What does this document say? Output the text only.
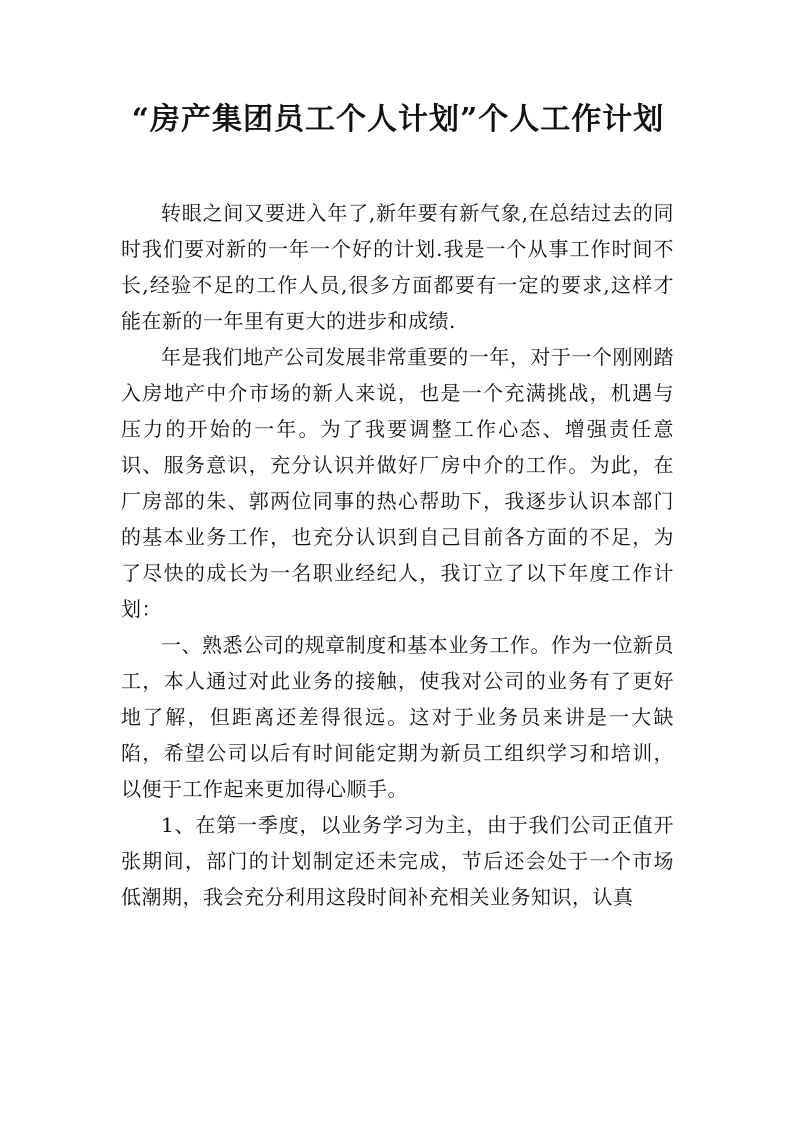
“房产集团员工个人计划”个人工作计划

转眼之间又要进入年了,新年要有新气象,在总结过去的同时我们要对新的一年一个好的计划.我是一个从事工作时间不长,经验不足的工作人员,很多方面都要有一定的要求,这样才能在新的一年里有更大的进步和成绩.

年是我们地产公司发展非常重要的一年，对于一个刚刚踏入房地产中介市场的新人来说，也是一个充满挑战，机遇与压力的开始的一年。为了我要调整工作心态、增强责任意识、服务意识，充分认识并做好厂房中介的工作。为此，在厂房部的朱、郭两位同事的热心帮助下，我逐步认识本部门的基本业务工作，也充分认识到自己目前各方面的不足，为了尽快的成长为一名职业经纪人，我订立了以下年度工作计划：

一、熟悉公司的规章制度和基本业务工作。作为一位新员工，本人通过对此业务的接触，使我对公司的业务有了更好地了解，但距离还差得很远。这对于业务员来讲是一大缺陷，希望公司以后有时间能定期为新员工组织学习和培训，以便于工作起来更加得心顺手。

1、在第一季度，以业务学习为主，由于我们公司正值开张期间，部门的计划制定还未完成，节后还会处于一个市场低潮期，我会充分利用这段时间补充相关业务知识，认真
